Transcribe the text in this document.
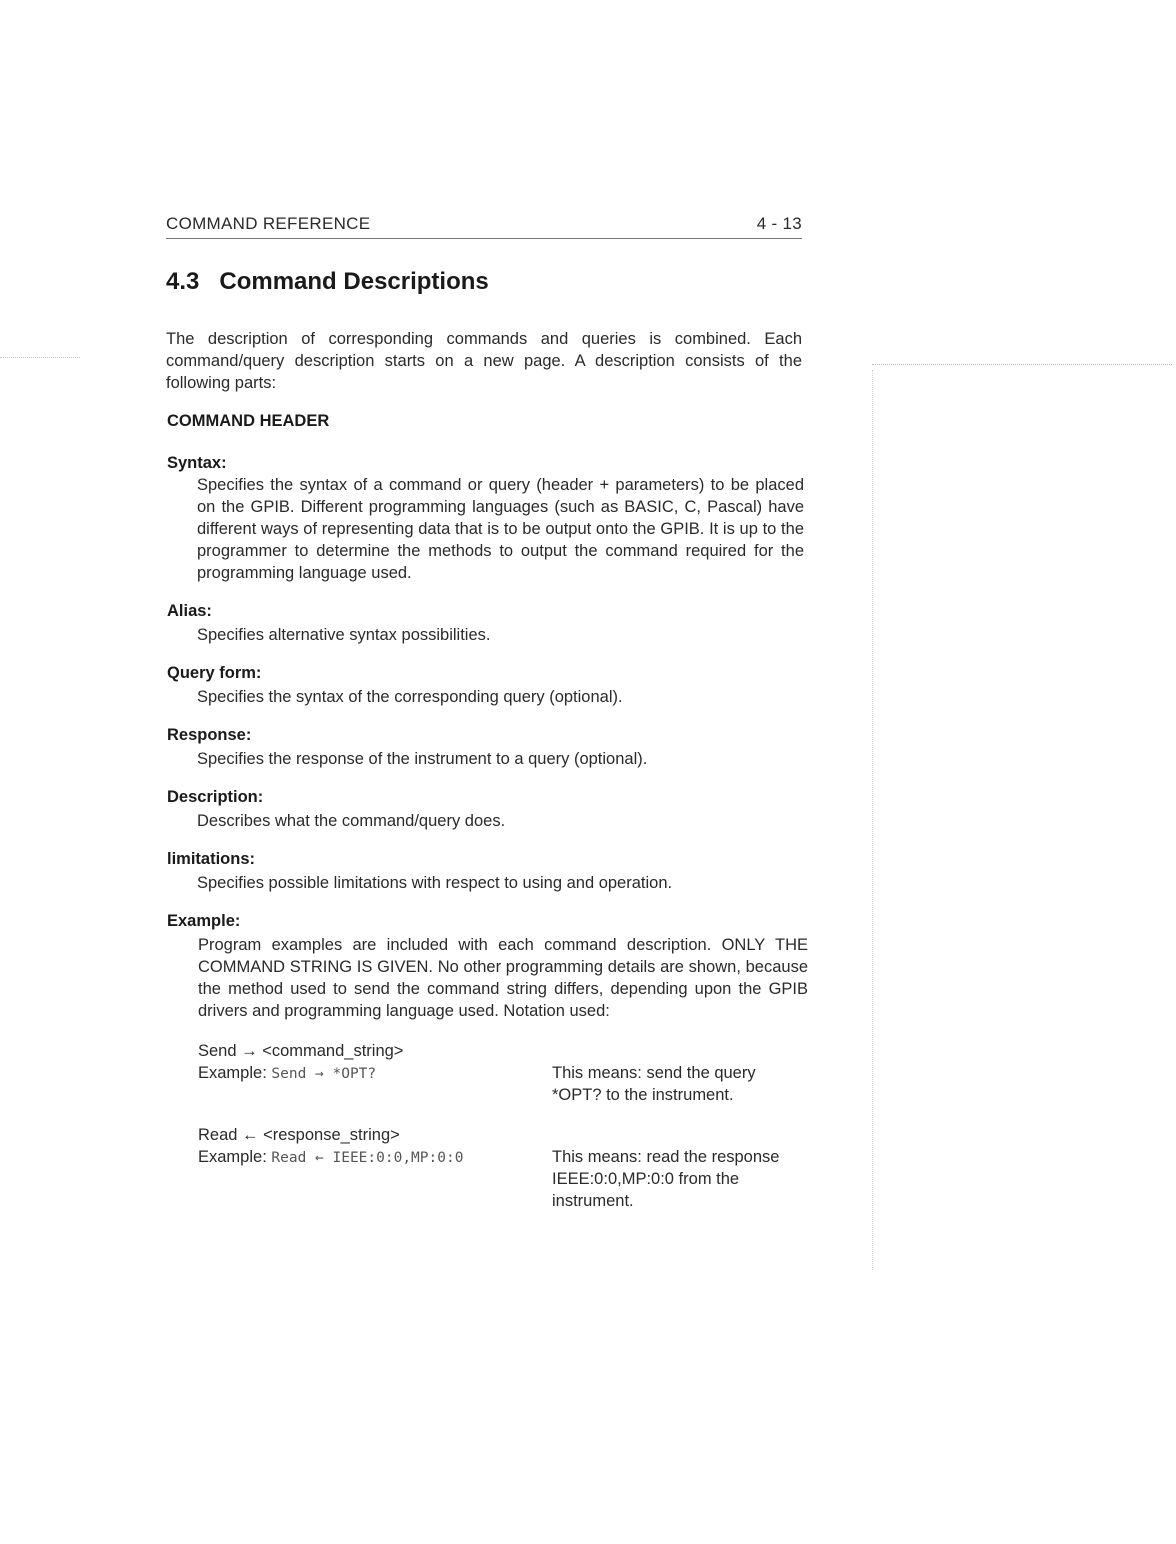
COMMAND REFERENCE	4 - 13
4.3 Command Descriptions
The description of corresponding commands and queries is combined. Each command/query description starts on a new page. A description consists of the following parts:
COMMAND HEADER
Syntax:
Specifies the syntax of a command or query (header + parameters) to be placed on the GPIB. Different programming languages (such as BASIC, C, Pascal) have different ways of representing data that is to be output onto the GPIB. It is up to the programmer to determine the methods to output the command required for the programming language used.
Alias:
Specifies alternative syntax possibilities.
Query form:
Specifies the syntax of the corresponding query (optional).
Response:
Specifies the response of the instrument to a query (optional).
Description:
Describes what the command/query does.
limitations:
Specifies possible limitations with respect to using and operation.
Example:
Program examples are included with each command description. ONLY THE COMMAND STRING IS GIVEN. No other programming details are shown, because the method used to send the command string differs, depending upon the GPIB drivers and programming language used. Notation used:
Send → <command_string>
Example: Send → *OPT?	This means: send the query
*OPT? to the instrument.
Read ← <response_string>
Example: Read ← IEEE:0:0,MP:0:0	This means: read the response
IEEE:0:0,MP:0:0 from the
instrument.
